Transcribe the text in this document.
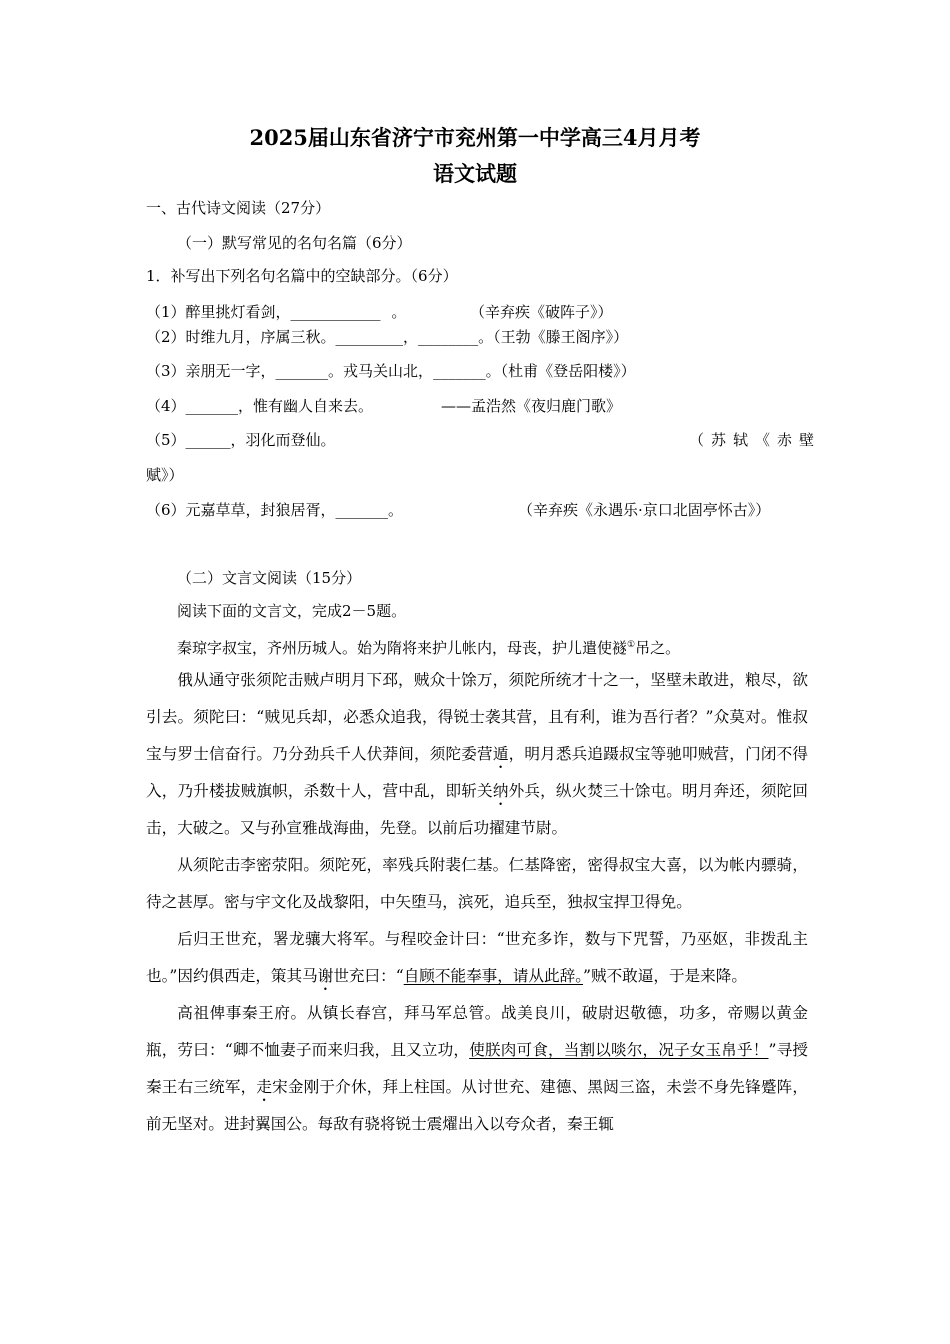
2025届山东省济宁市兖州第一中学高三4月月考
语文试题
一、古代诗文阅读（27分）
（一）默写常见的名句名篇（6分）
1．补写出下列名句名篇中的空缺部分。（6分）
（1）醉里挑灯看剑，____________ 。	（辛弃疾《破阵子》）
（2）时维九月，序属三秋。_________，________。（王勃《滕王阁序》）
（3）亲朋无一字，_______。戎马关山北，_______。（杜甫《登岳阳楼》）
（4）_______，惟有幽人自来去。	——孟浩然《夜归鹿门歌》
（5）______，羽化而登仙。	（苏轼《赤壁
赋》）
（6）元嘉草草，封狼居胥，_______。	（辛弃疾《永遇乐·京口北固亭怀古》）
（二）文言文阅读（15分）
阅读下面的文言文，完成2－5题。
秦琼字叔宝，齐州历城人。始为隋将来护儿帐内，母丧，护儿遣使襚①吊之。

俄从通守张须陀击贼卢明月下邳，贼众十馀万，须陀所统才十之一，坚壁未敢进，粮尽，欲引去。须陀曰：“贼见兵却，必悉众追我，得锐士袭其营，且有利，谁为吾行者？”众莫对。惟叔宝与罗士信奋行。乃分劲兵千人伏莽间，须陀委营遁，明月悉兵追蹑叔宝等驰叩贼营，门闭不得入，乃升楼拔贼旗帜，杀数十人，营中乱，即斩关纳外兵，纵火焚三十馀屯。明月奔还，须陀回击，大破之。又与孙宣雅战海曲，先登。以前后功擢建节尉。

从须陀击李密荥阳。须陀死，率残兵附裴仁基。仁基降密，密得叔宝大喜，以为帐内骠骑，待之甚厚。密与宇文化及战黎阳，中矢堕马，滨死，追兵至，独叔宝捍卫得免。

后归王世充，署龙骧大将军。与程咬金计曰：“世充多诈，数与下咒誓，乃巫妪，非拨乱主也。”因约俱西走，策其马谢世充曰：“自顾不能奉事，请从此辞。”贼不敢逼，于是来降。

高祖俾事秦王府。从镇长春宫，拜马军总管。战美良川，破尉迟敬德，功多，帝赐以黄金瓶，劳曰：“卿不恤妻子而来归我，且又立功，使朕肉可食，当割以啖尔，况子女玉帛乎！”寻授秦王右三统军，走宋金刚于介休，拜上柱国。从讨世充、建德、黑闼三盗，未尝不身先锋蹙阵，前无坚对。进封翼国公。每敌有骁将锐士震燿出入以夸众者，秦王辄
